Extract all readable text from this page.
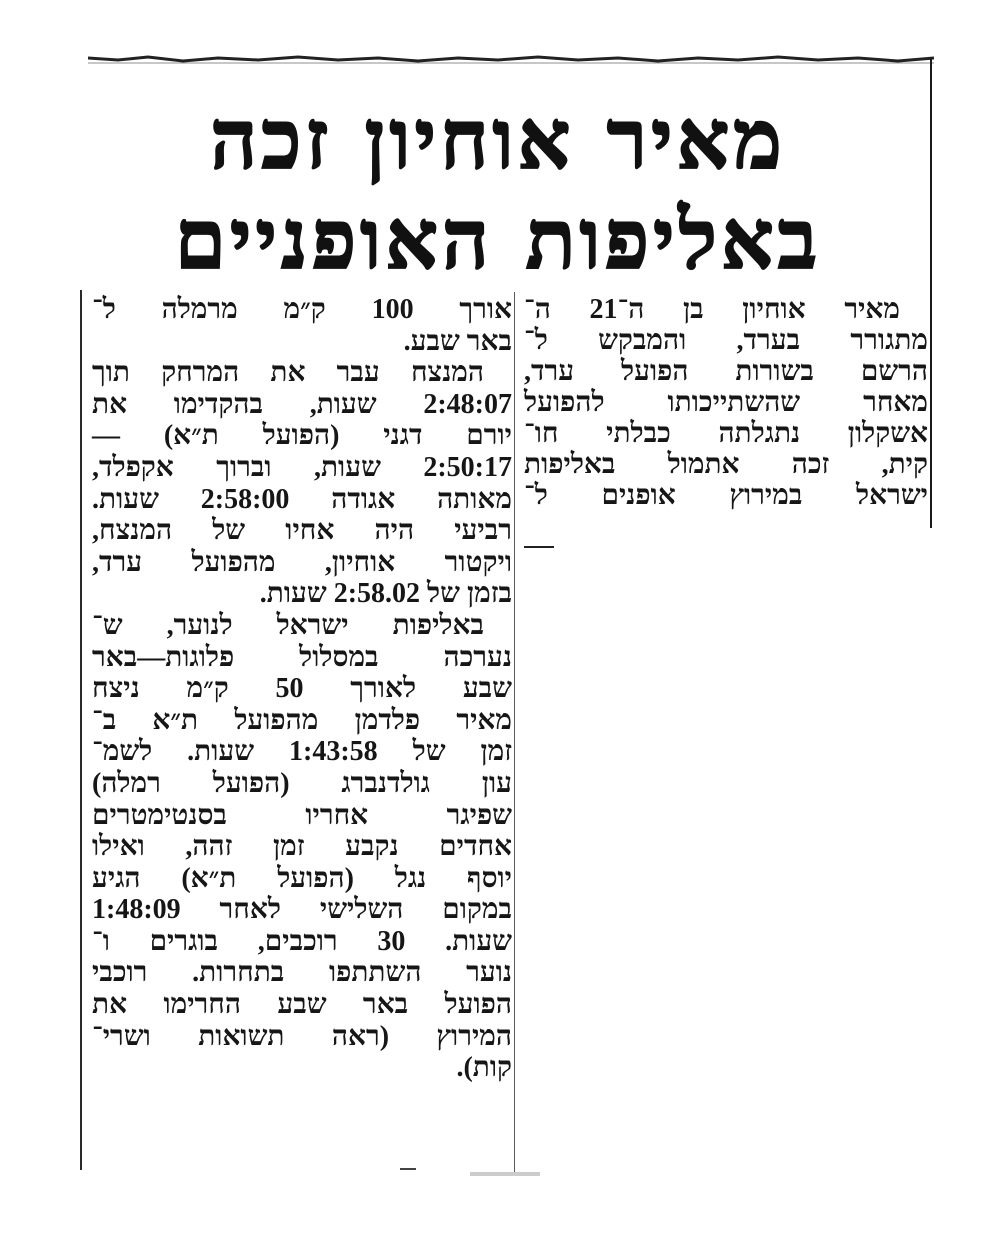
מאיר אוחיון זכה
באליפות האופניים
מאיר אוחיון בן ה־21 ה־
מתגורר בערד, והמבקש ל־
הרשם בשורות הפועל ערד,
מאחר שהשתייכותו להפועל
אשקלון נתגלתה כבלתי חו־
קית, זכה אתמול באליפות
ישראל במירוץ אופנים ל־
אורך 100 ק״מ מרמלה ל־
באר שבע.
המנצח עבר את המרחק תוך
2:48:07 שעות, בהקדימו את
יורם דגני (הפועל ת״א) —
2:50:17 שעות, וברוך אקפלד,
מאותה אגודה 2:58:00 שעות.
רביעי היה אחיו של המנצח,
ויקטור אוחיון, מהפועל ערד,
בזמן של 2:58.02 שעות.
באליפות ישראל לנוער, ש־
נערכה במסלול פלוגות—באר
שבע לאורך 50 ק״מ ניצח
מאיר פלדמן מהפועל ת״א ב־
זמן של 1:43:58 שעות. לשמ־
עון גולדנברג (הפועל רמלה)
שפיגר אחריו בסנטימטרים
אחדים נקבע זמן זהה, ואילו
יוסף נגל (הפועל ת״א) הגיע
במקום השלישי לאחר 1:48:09
שעות. 30 רוכבים, בוגרים ו־
נוער השתתפו בתחרות. רוכבי
הפועל באר שבע החרימו את
המירוץ (ראה תשואות ושרי־
קות).
